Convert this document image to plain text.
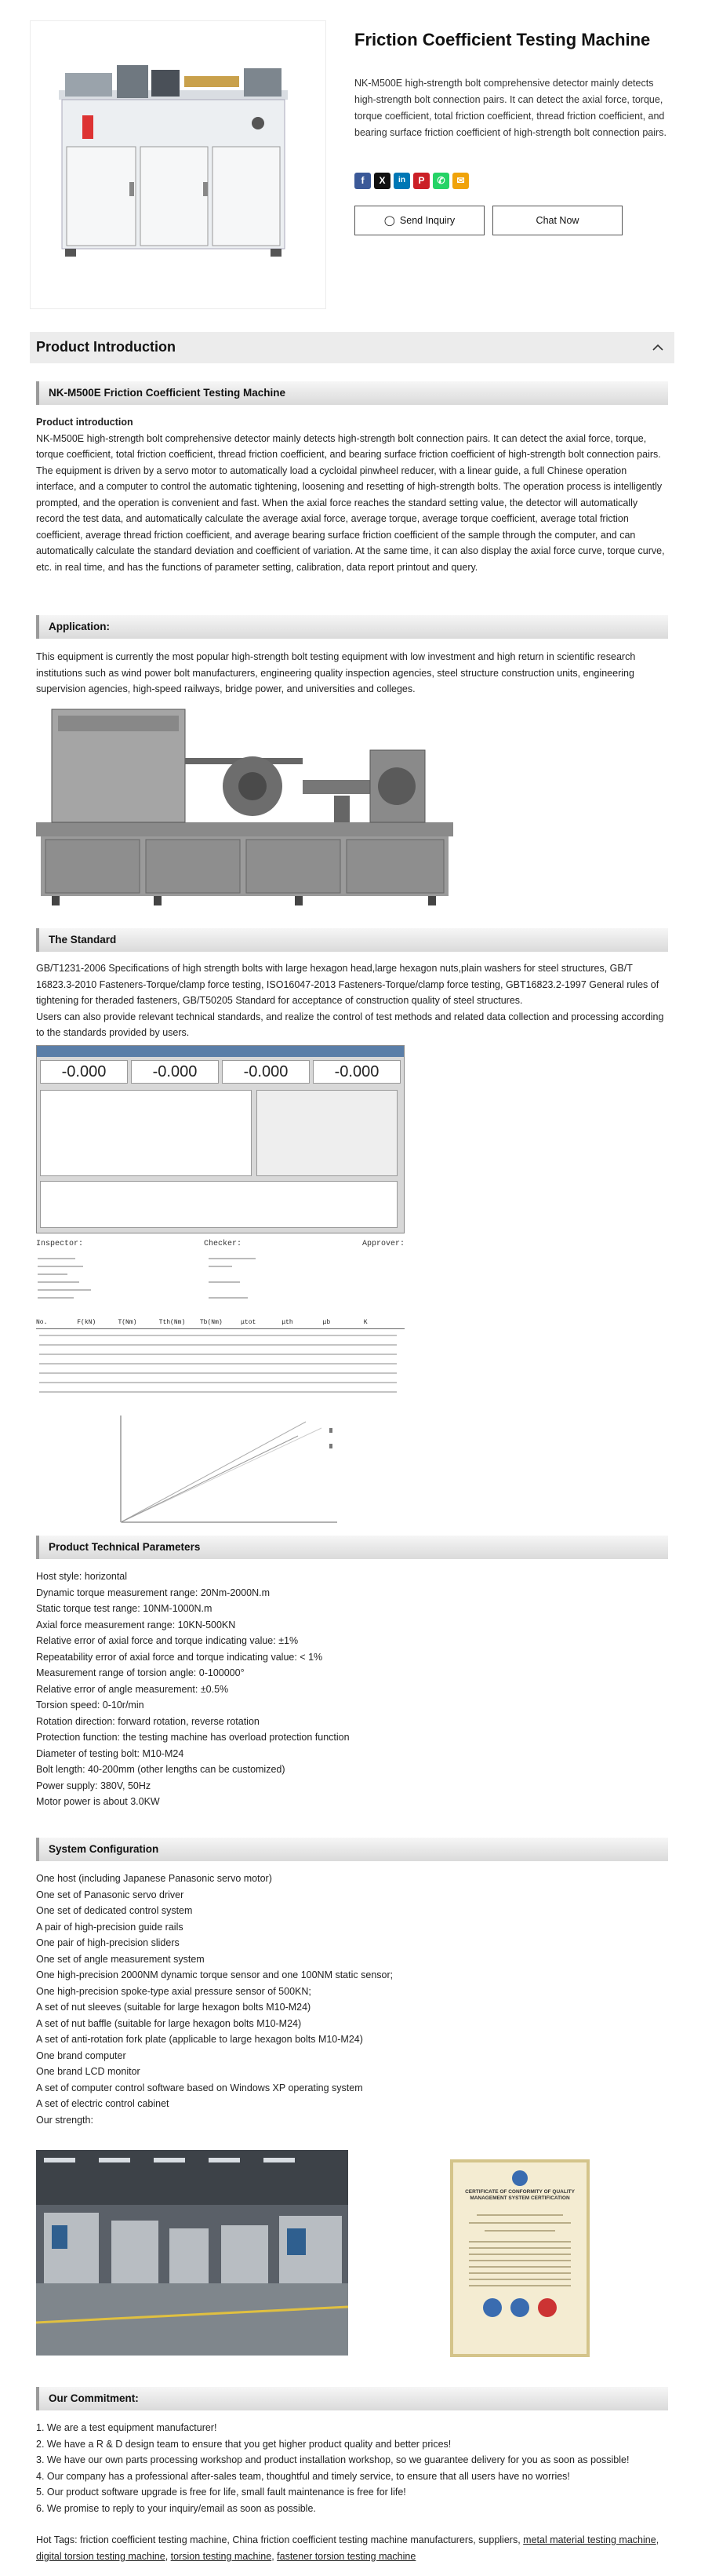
Friction Coefficient Testing Machine
NK-M500E high-strength bolt comprehensive detector mainly detects high-strength bolt connection pairs. It can detect the axial force, torque, torque coefficient, total friction coefficient, thread friction coefficient, and bearing surface friction coefficient of high-strength bolt connection pairs.
f	X	in	P	✆	✉
◯ Send Inquiry	Chat Now
Product Introduction
NK-M500E Friction Coefficient Testing Machine

Product introduction

NK-M500E high-strength bolt comprehensive detector mainly detects high-strength bolt connection pairs. It can detect the axial force, torque, torque coefficient, total friction coefficient, thread friction coefficient, and bearing surface friction coefficient of high-strength bolt connection pairs. The equipment is driven by a servo motor to automatically load a cycloidal pinwheel reducer, with a linear guide, a full Chinese operation interface, and a computer to control the automatic tightening, loosening and resetting of high-strength bolts. The operation process is intelligently prompted, and the operation is convenient and fast. When the axial force reaches the standard setting value, the detector will automatically record the test data, and automatically calculate the average axial force, average torque, average torque coefficient, average total friction coefficient, average thread friction coefficient, and average bearing surface friction coefficient of the sample through the computer, and can automatically calculate the standard deviation and coefficient of variation. At the same time, it can also display the axial force curve, torque curve, etc. in real time, and has the functions of parameter setting, calibration, data report printout and query.

Application:
This equipment is currently the most popular high-strength bolt testing equipment with low investment and high return in scientific research institutions such as wind power bolt manufacturers, engineering quality inspection agencies, steel structure construction units, engineering supervision agencies, high-speed railways, bridge power, and universities and colleges.
The Standard

GB/T1231-2006 Specifications of high strength bolts with large hexagon head,large hexagon nuts,plain washers for steel structures, GB/T 16823.3-2010 Fasteners-Torque/clamp force testing, ISO16047-2013 Fasteners-Torque/clamp force testing, GBT16823.2-1997 General rules of tightening for theraded fasteners, GB/T50205 Standard for acceptance of construction quality of steel structures.

Users can also provide relevant technical standards, and realize the control of test methods and related data collection and processing according to the standards provided by users.

-0.000	-0.000	-0.000	-0.000
Inspector:	Checker:	Approver:
No.	F(kN)	T(Nm)	Tth(Nm)	Tb(Nm)	μtot	μth	μb	K
Product Technical Parameters

Host style: horizontal

Dynamic torque measurement range: 20Nm-2000N.m

Static torque test range: 10NM-1000N.m

Axial force measurement range: 10KN-500KN

Relative error of axial force and torque indicating value: ±1%

Repeatability error of axial force and torque indicating value: < 1%

Measurement range of torsion angle: 0-100000°

Relative error of angle measurement: ±0.5%

Torsion speed: 0-10r/min

Rotation direction: forward rotation, reverse rotation

Protection function: the testing machine has overload protection function

Diameter of testing bolt: M10-M24

Bolt length: 40-200mm (other lengths can be customized)

Power supply: 380V, 50Hz

Motor power is about 3.0KW

System Configuration

One host (including Japanese Panasonic servo motor)

One set of Panasonic servo driver

One set of dedicated control system

A pair of high-precision guide rails

One pair of high-precision sliders

One set of angle measurement system

One high-precision 2000NM dynamic torque sensor and one 100NM static sensor;

One high-precision spoke-type axial pressure sensor of 500KN;

A set of nut sleeves (suitable for large hexagon bolts M10-M24)

A set of nut baffle (suitable for large hexagon bolts M10-M24)

A set of anti-rotation fork plate (applicable to large hexagon bolts M10-M24)

One brand computer

One brand LCD monitor

A set of computer control software based on Windows XP operating system

A set of electric control cabinet

Our strength:

CERTIFICATE OF CONFORMITY OF QUALITY MANAGEMENT SYSTEM CERTIFICATION
Our Commitment:

1. We are a test equipment manufacturer!

2. We have a R & D design team to ensure that you get higher product quality and better prices!

3. We have our own parts processing workshop and product installation workshop, so we guarantee delivery for you as soon as possible!

4. Our company has a professional after-sales team, thoughtful and timely service, to ensure that all users have no worries!

5. Our product software upgrade is free for life, small fault maintenance is free for life!

6. We promise to reply to your inquiry/email as soon as possible.

Hot Tags: friction coefficient testing machine, China friction coefficient testing machine manufacturers, suppliers, metal material testing machine, digital torsion testing machine, torsion testing machine, fastener torsion testing machine
